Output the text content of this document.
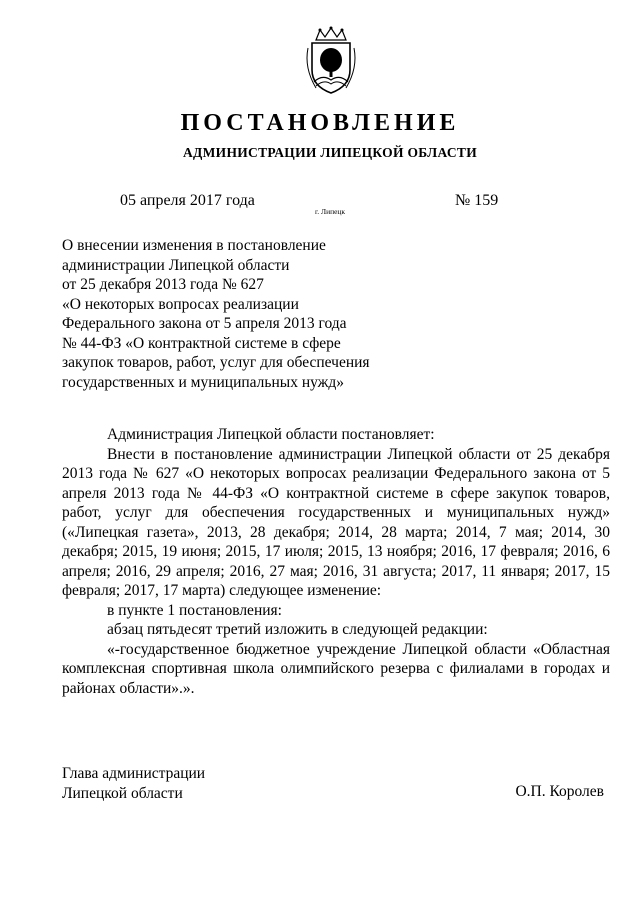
ПОСТАНОВЛЕНИЕ
АДМИНИСТРАЦИИ ЛИПЕЦКОЙ ОБЛАСТИ
05 апреля 2017 года
г. Липецк
№ 159
О внесении изменения в постановление
администрации Липецкой области
от 25 декабря 2013 года № 627
«О некоторых вопросах реализации
Федерального закона от 5 апреля 2013 года
№ 44-ФЗ «О контрактной системе в сфере
закупок товаров, работ, услуг для обеспечения
государственных и муниципальных нужд»

Администрация Липецкой области постановляет:

Внести в постановление администрации Липецкой области от 25 декабря 2013 года № 627 «О некоторых вопросах реализации Федерального закона от 5 апреля 2013 года № 44-ФЗ «О контрактной системе в сфере закупок товаров, работ, услуг для обеспечения государственных и муниципальных нужд» («Липецкая газета», 2013, 28 декабря; 2014, 28 марта; 2014, 7 мая; 2014, 30 декабря; 2015, 19 июня; 2015, 17 июля; 2015, 13 ноября; 2016, 17 февраля; 2016, 6 апреля; 2016, 29 апреля; 2016, 27 мая; 2016, 31 августа; 2017, 11 января; 2017, 15 февраля; 2017, 17 марта) следующее изменение:

в пункте 1 постановления:

абзац пятьдесят третий изложить в следующей редакции:

«-государственное бюджетное учреждение Липецкой области «Областная комплексная спортивная школа олимпийского резерва с филиалами в городах и районах области».».

Глава администрации
Липецкой области	О.П. Королев
